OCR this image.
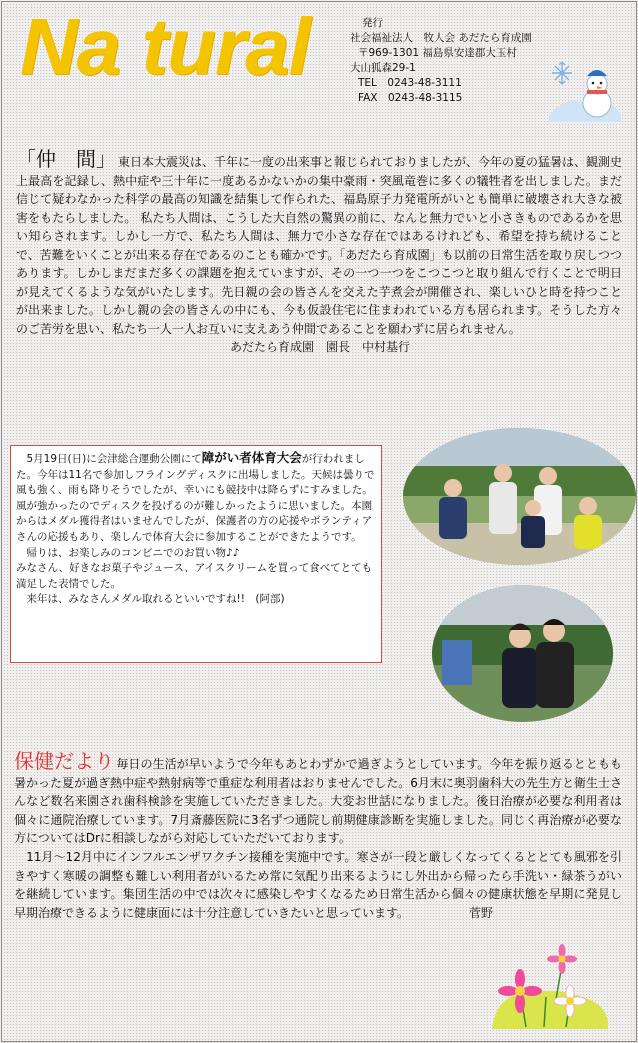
Na tural	発行
社会福祉法人　牧人会 あだたら育成園
〒969-1301 福島県安達郡大玉村
大山狐森29-1
TEL　0243-48-3111
FAX　0243-48-3115
「仲　間」 東日本大震災は、千年に一度の出来事と報じられておりましたが、今年の夏の猛暑は、観測史上最高を記録し、熱中症や三十年に一度あるかないかの集中豪雨・突風竜巻に多くの犠牲者を出しました。まだ信じて疑わなかった科学の最高の知識を結集して作られた、福島原子力発電所がいとも簡単に破壊され大きな被害をもたらしました。 私たち人間は、こうした大自然の驚異の前に、なんと無力でいと小さきものであるかを思い知らされます。しかし一方で、私たち人間は、無力で小さな存在ではあるけれども、希望を持ち続けることで、苦難をいくことが出来る存在であるのことも確かです。「あだたら育成園」も以前の日常生活を取り戻しつつあります。しかしまだまだ多くの課題を抱えていますが、その一つ一つをこつこつと取り組んで行くことで明日が見えてくるような気がいたします。先日親の会の皆さんを交えた芋煮会が開催され、楽しいひと時を持つことが出来ました。しかし親の会の皆さんの中にも、今も仮設住宅に住まわれている方も居られます。そうした方々のご苦労を思い、私たち一人一人お互いに支えあう仲間であることを願わずに居られません。
あだたら育成園　園長　中村基行
　5月19日(日)に会津総合運動公園にて障がい者体育大会が行われました。今年は11名で参加しフライングディスクに出場しました。天候は曇りで風も強く、雨も降りそうでしたが、幸いにも競技中は降らずにすみました。風が強かったのでディスクを投げるのが難しかったように思いました。本園からはメダル獲得者はいませんでしたが、保護者の方の応援やボランティアさんの応援もあり、楽しんで体育大会に参加することができたようです。
　帰りは、お楽しみのコンビニでのお買い物♪♪
みなさん、好きなお菓子やジュース、アイスクリームを買って食べてとても満足した表情でした。
　来年は、みなさんメダル取れるといいですね!!　(阿部)
保健だより 毎日の生活が早いようで今年もあとわずかで過ぎようとしています。今年を振り返るとともも暑かった夏が過ぎ熱中症や熱射病等で重症な利用者はおりませんでした。6月末に奥羽歯科大の先生方と衛生士さんなど数名来園され歯科検診を実施していただきました。大変お世話になりました。後日治療が必要な利用者は個々に通院治療しています。7月斎藤医院に3名ずつ通院し前期健康診断を実施しました。同じく再治療が必要な方についてはDrに相談しながら対応していただいております。
　11月～12月中にインフルエンザワクチン接種を実施中です。寒さが一段と厳しくなってくるととても風邪を引きやすく寒暖の調整も難しい利用者がいるため常に気配り出来るようにし外出から帰ったら手洗い・緑茶うがいを継続しています。集団生活の中では次々に感染しやすくなるため日常生活から個々の健康状態を早期に発見し早期治療できるように健康面には十分注意していきたいと思っています。	菅野
